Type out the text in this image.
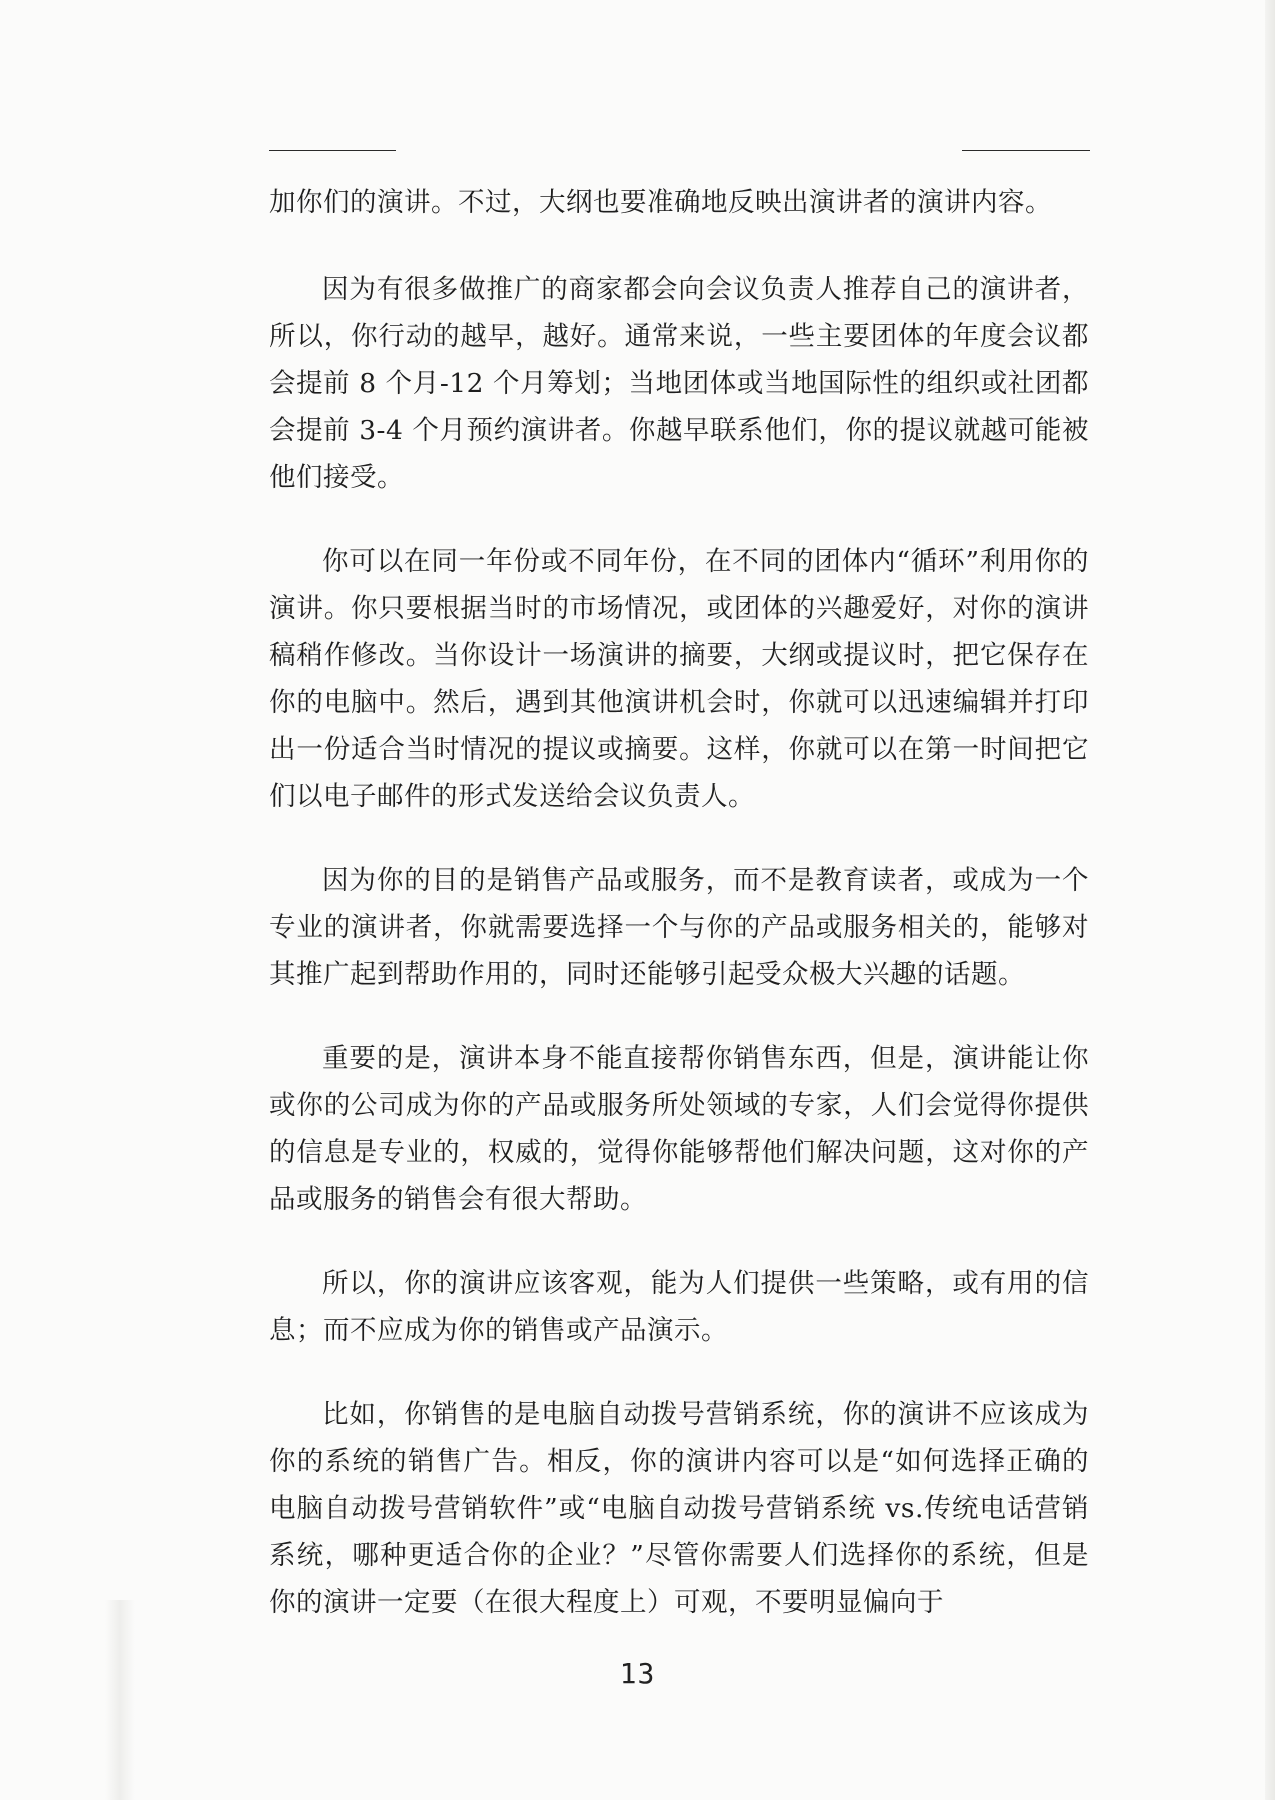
加你们的演讲。不过，大纲也要准确地反映出演讲者的演讲内容。

因为有很多做推广的商家都会向会议负责人推荐自己的演讲者，所以，你行动的越早，越好。通常来说，一些主要团体的年度会议都会提前 8 个月-12 个月筹划；当地团体或当地国际性的组织或社团都会提前 3-4 个月预约演讲者。你越早联系他们，你的提议就越可能被他们接受。

你可以在同一年份或不同年份，在不同的团体内“循环”利用你的演讲。你只要根据当时的市场情况，或团体的兴趣爱好，对你的演讲稿稍作修改。当你设计一场演讲的摘要，大纲或提议时，把它保存在你的电脑中。然后，遇到其他演讲机会时，你就可以迅速编辑并打印出一份适合当时情况的提议或摘要。这样，你就可以在第一时间把它们以电子邮件的形式发送给会议负责人。

因为你的目的是销售产品或服务，而不是教育读者，或成为一个专业的演讲者，你就需要选择一个与你的产品或服务相关的，能够对其推广起到帮助作用的，同时还能够引起受众极大兴趣的话题。

重要的是，演讲本身不能直接帮你销售东西，但是，演讲能让你或你的公司成为你的产品或服务所处领域的专家，人们会觉得你提供的信息是专业的，权威的，觉得你能够帮他们解决问题，这对你的产品或服务的销售会有很大帮助。

所以，你的演讲应该客观，能为人们提供一些策略，或有用的信息；而不应成为你的销售或产品演示。

比如，你销售的是电脑自动拨号营销系统，你的演讲不应该成为你的系统的销售广告。相反，你的演讲内容可以是“如何选择正确的电脑自动拨号营销软件”或“电脑自动拨号营销系统 vs.传统电话营销系统，哪种更适合你的企业？”尽管你需要人们选择你的系统，但是你的演讲一定要（在很大程度上）可观，不要明显偏向于

13
